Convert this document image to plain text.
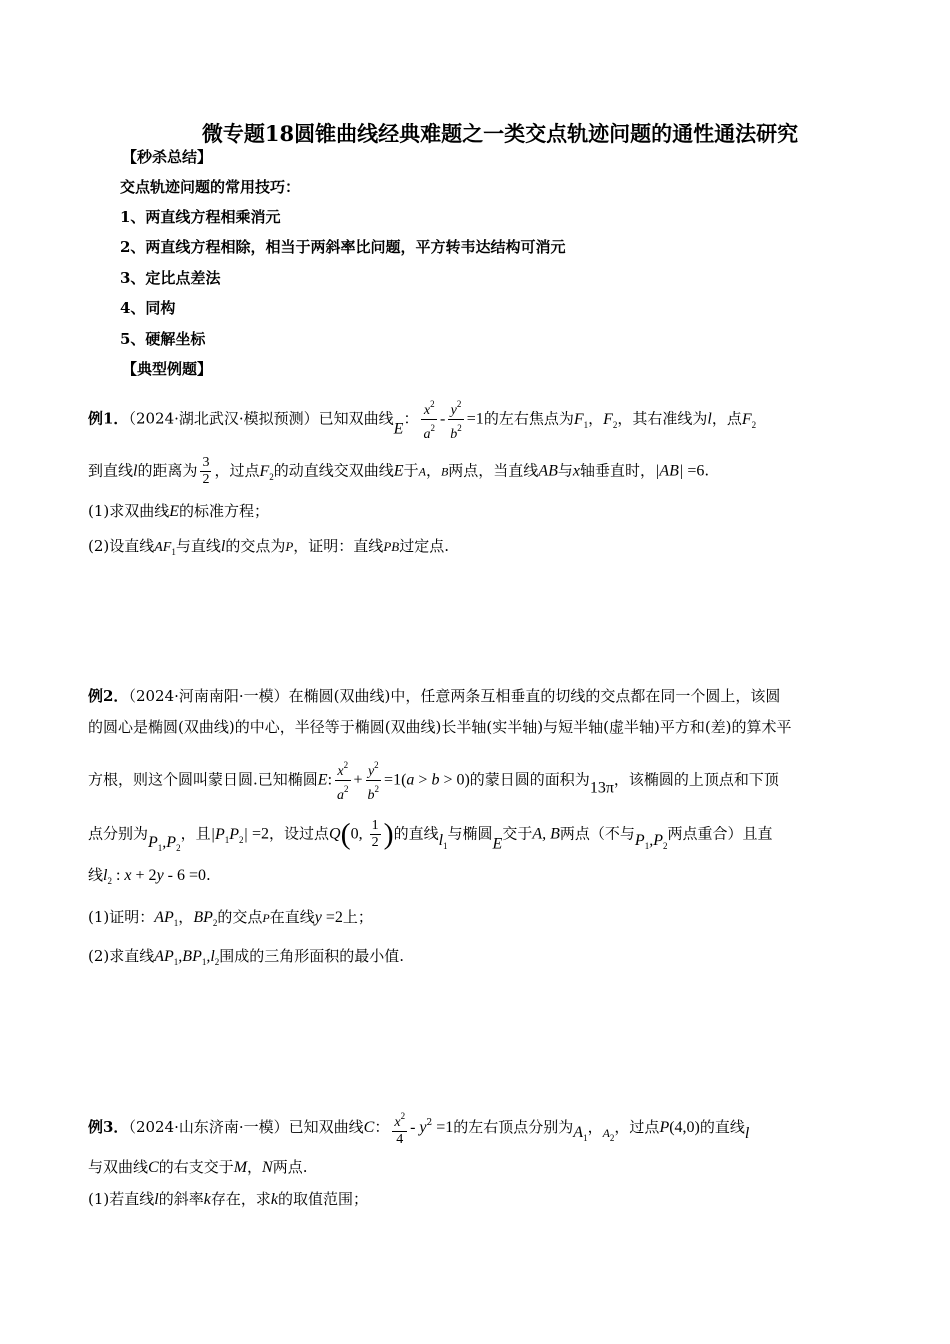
微专题18圆锥曲线经典难题之一类交点轨迹问题的通性通法研究
【秒杀总结】
交点轨迹问题的常用技巧：
1、两直线方程相乘消元
2、两直线方程相除，相当于两斜率比问题，平方转韦达结构可消元
3、定比点差法
4、同构
5、硬解坐标
【典型例题】
例1．（2024·湖北武汉·模拟预测）已知双曲线E： $\frac{x^2}{a^2} - \frac{y^2}{b^2} =1$的左右焦点为$F_1$，$F_2$，其右准线为l，点$F_2$
到直线l的距离为 $\frac{3}{2}$ ，过点$F_2$的动直线交双曲线E于A，B两点，当直线AB与x轴垂直时，|AB| =6.
(1)求双曲线E的标准方程；
(2)设直线$AF_1$与直线l的交点为P，证明：直线PB过定点.
例2．（2024·河南南阳·一模）在椭圆(双曲线)中，任意两条互相垂直的切线的交点都在同一个圆上，该圆
的圆心是椭圆(双曲线)的中心，半径等于椭圆(双曲线)长半轴(实半轴)与短半轴(虚半轴)平方和(差)的算术平
方根，则这个圆叫蒙日圆.已知椭圆E: $\frac{x^2}{a^2} + \frac{y^2}{b^2} =1(a > b > 0)$的蒙日圆的面积为13π，该椭圆的上顶点和下顶
点分别为$P_1,P_2$，且$|P_1P_2| =2$，设过点Q(0, $\frac{1}{2}$ )的直线$l_1$与椭圆E交于A, B两点（不与$P_1,P_2$两点重合）且直
线$l_2$ : x + 2y - 6 =0.
(1)证明：$AP_1$，$BP_2$的交点P在直线y =2上；
(2)求直线$AP_1,BP_1,l_2$围成的三角形面积的最小值.
例3．（2024·山东济南·一模）已知双曲线C： $\frac{x^2}{4} - y^2 =1$的左右顶点分别为$A_1$，$_{A_2}$，过点P(4,0)的直线l
与双曲线C的右支交于M，N两点.
(1)若直线l的斜率k存在，求k的取值范围；
